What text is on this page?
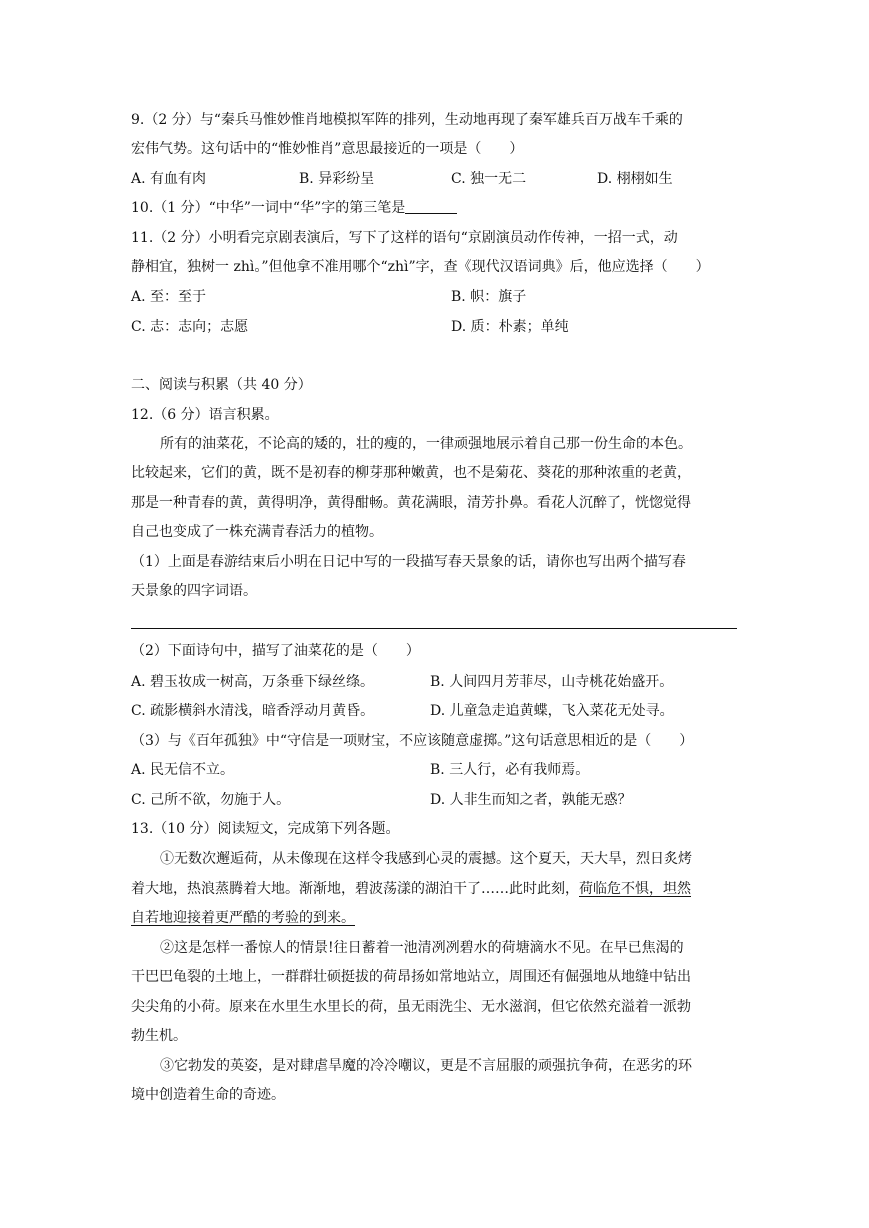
9.（2 分）与“秦兵马惟妙惟肖地模拟军阵的排列，生动地再现了秦军雄兵百万战车千乘的
宏伟气势。这句话中的“惟妙惟肖”意思最接近的一项是（　　）
A. 有血有肉	B. 异彩纷呈	C. 独一无二	D. 栩栩如生
10.（1 分）“中华”一词中“华”字的第三笔是
11.（2 分）小明看完京剧表演后，写下了这样的语句“京剧演员动作传神，一招一式，动
静相宜，独树一 zhì。”但他拿不准用哪个“zhì”字，查《现代汉语词典》后，他应选择（　　）
A. 至：至于	B. 帜：旗子
C. 志：志向；志愿	D. 质：朴素；单纯
二、阅读与积累（共 40 分）
12.（6 分）语言积累。
所有的油菜花，不论高的矮的，壮的瘦的，一律顽强地展示着自己那一份生命的本色。
比较起来，它们的黄，既不是初春的柳芽那种嫩黄，也不是菊花、葵花的那种浓重的老黄，
那是一种青春的黄，黄得明净，黄得酣畅。黄花满眼，清芳扑鼻。看花人沉醉了，恍惚觉得
自己也变成了一株充满青春活力的植物。
（1）上面是春游结束后小明在日记中写的一段描写春天景象的话，请你也写出两个描写春
天景象的四字词语。
（2）下面诗句中，描写了油菜花的是（　　）
A. 碧玉妆成一树高，万条垂下绿丝绦。	B. 人间四月芳菲尽，山寺桃花始盛开。
C. 疏影横斜水清浅，暗香浮动月黄昏。	D. 儿童急走追黄蝶，飞入菜花无处寻。
（3）与《百年孤独》中“守信是一项财宝，不应该随意虚掷。”这句话意思相近的是（　　）
A. 民无信不立。	B. 三人行，必有我师焉。
C. 己所不欲，勿施于人。	D. 人非生而知之者，孰能无惑？
13.（10 分）阅读短文，完成第下列各题。
①无数次邂逅荷，从未像现在这样令我感到心灵的震撼。这个夏天，天大旱，烈日炙烤
着大地，热浪蒸腾着大地。渐渐地，碧波荡漾的湖泊干了……此时此刻，荷临危不惧，坦然
自若地迎接着更严酷的考验的到来。
②这是怎样一番惊人的情景!往日蓄着一池清冽冽碧水的荷塘滴水不见。在早已焦渴的
干巴巴龟裂的土地上，一群群壮硕挺拔的荷昂扬如常地站立，周围还有倔强地从地缝中钻出
尖尖角的小荷。原来在水里生水里长的荷，虽无雨洗尘、无水滋润，但它依然充溢着一派勃
勃生机。
③它勃发的英姿，是对肆虐旱魔的冷冷嘲议，更是不言屈服的顽强抗争荷，在恶劣的环
境中创造着生命的奇迹。
